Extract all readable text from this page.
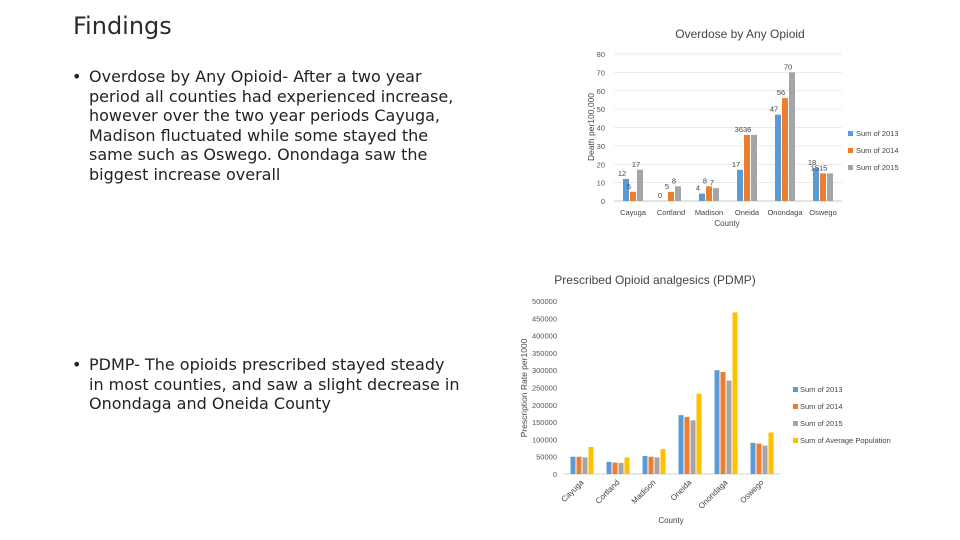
Findings
• Overdose by Any Opioid- After a two year period all counties had experienced increase, however over the two year periods Cayuga, Madison fluctuated while some stayed the same such as Oswego. Onondaga saw the biggest increase overall
• PDMP- The opioids prescribed stayed steady in most counties, and saw a slight decrease in Onondaga and Oneida County
Overdose by Any Opioid
0
10
20
30
40
50
60
70
80
Death per100,000
12
5
17
0
5
8
4
8 7
17
3636
47
56
70
18
1515
Cayuga Cortland Madison Oneida Onondaga Oswego
County
Sum of 2013
Sum of 2014
Sum of 2015
Prescribed Opioid analgesics (PDMP)
0
50000
100000
150000
200000
250000
300000
350000
400000
450000
500000
Prescription Rate per1000
Cayuga Cortland Madison Oneida Onondaga Oswego
County
Sum of 2013
Sum of 2014
Sum of 2015
Sum of Average Population
